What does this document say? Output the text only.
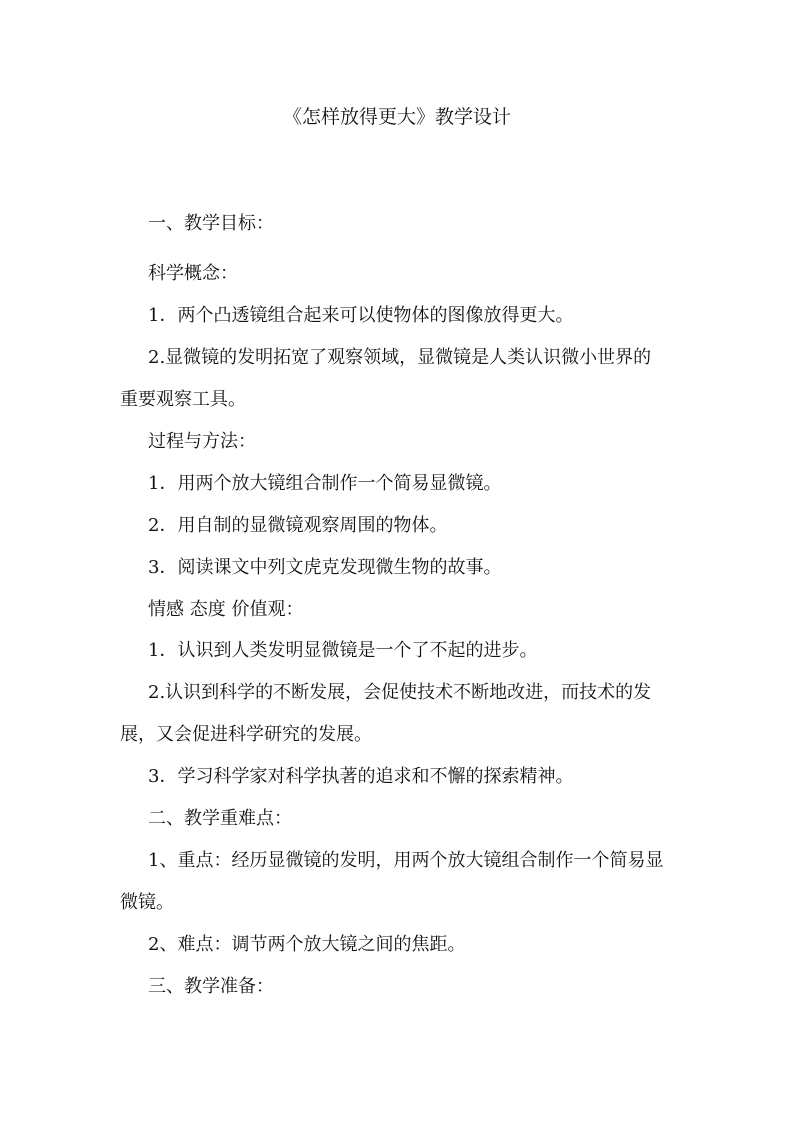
《怎样放得更大》教学设计
一、教学目标：
科学概念：
1．两个凸透镜组合起来可以使物体的图像放得更大。
2.显微镜的发明拓宽了观察领域，显微镜是人类认识微小世界的
重要观察工具。
过程与方法：
1．用两个放大镜组合制作一个简易显微镜。
2．用自制的显微镜观察周围的物体。
3．阅读课文中列文虎克发现微生物的故事。
情感 态度 价值观：
1．认识到人类发明显微镜是一个了不起的进步。
2.认识到科学的不断发展，会促使技术不断地改进，而技术的发
展，又会促进科学研究的发展。
3．学习科学家对科学执著的追求和不懈的探索精神。
二、教学重难点：
1、重点：经历显微镜的发明，用两个放大镜组合制作一个简易显
微镜。
2、难点：调节两个放大镜之间的焦距。
三、教学准备：
